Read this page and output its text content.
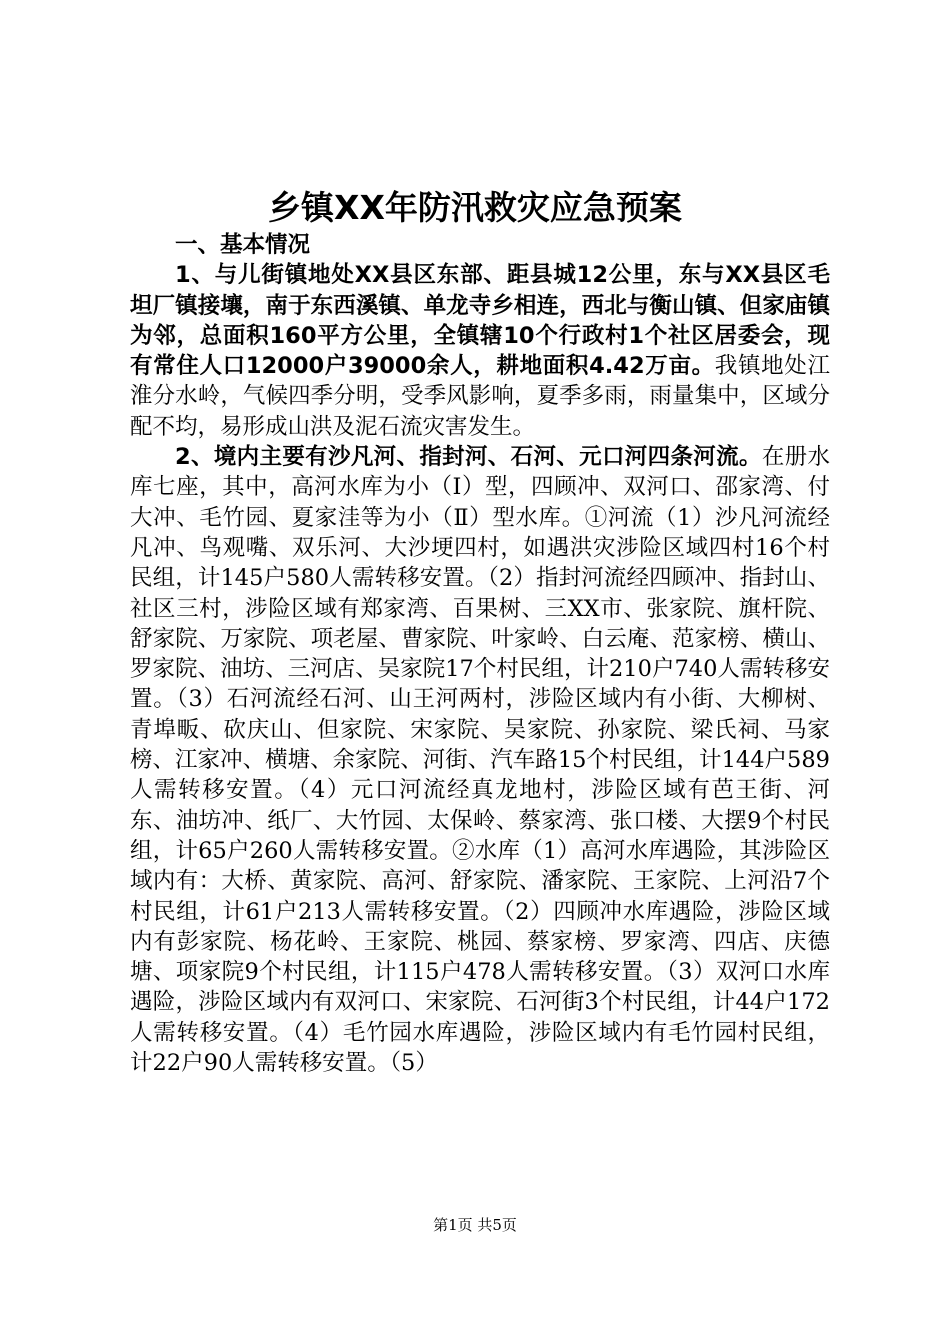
乡镇XX年防汛救灾应急预案

一、基本情况

1、与儿街镇地处XX县区东部、距县城12公里，东与XX县区毛坦厂镇接壤，南于东西溪镇、单龙寺乡相连，西北与衡山镇、但家庙镇为邻，总面积160平方公里，全镇辖10个行政村1个社区居委会，现有常住人口12000户39000余人，耕地面积4.42万亩。我镇地处江淮分水岭，气候四季分明，受季风影响，夏季多雨，雨量集中，区域分配不均，易形成山洪及泥石流灾害发生。

2、境内主要有沙凡河、指封河、石河、元口河四条河流。在册水库七座，其中，高河水库为小（Ⅰ）型，四顾冲、双河口、邵家湾、付大冲、毛竹园、夏家洼等为小（Ⅱ）型水库。①河流（1）沙凡河流经凡冲、鸟观嘴、双乐河、大沙埂四村，如遇洪灾涉险区域四村16个村民组，计145户580人需转移安置。（2）指封河流经四顾冲、指封山、社区三村，涉险区域有郑家湾、百果树、三XX市、张家院、旗杆院、舒家院、万家院、项老屋、曹家院、叶家岭、白云庵、范家榜、横山、罗家院、油坊、三河店、吴家院17个村民组，计210户740人需转移安置。（3）石河流经石河、山王河两村，涉险区域内有小街、大柳树、青埠畈、砍庆山、但家院、宋家院、吴家院、孙家院、梁氏祠、马家榜、江家冲、横塘、余家院、河街、汽车路15个村民组，计144户589人需转移安置。（4）元口河流经真龙地村，涉险区域有芭王街、河东、油坊冲、纸厂、大竹园、太保岭、蔡家湾、张口楼、大摆9个村民组，计65户260人需转移安置。②水库（1）高河水库遇险，其涉险区域内有：大桥、黄家院、高河、舒家院、潘家院、王家院、上河沿7个村民组，计61户213人需转移安置。（2）四顾冲水库遇险，涉险区域内有彭家院、杨花岭、王家院、桃园、蔡家榜、罗家湾、四店、庆德塘、项家院9个村民组，计115户478人需转移安置。（3）双河口水库遇险，涉险区域内有双河口、宋家院、石河街3个村民组，计44户172人需转移安置。（4）毛竹园水库遇险，涉险区域内有毛竹园村民组，计22户90人需转移安置。（5）

第1页 共5页
